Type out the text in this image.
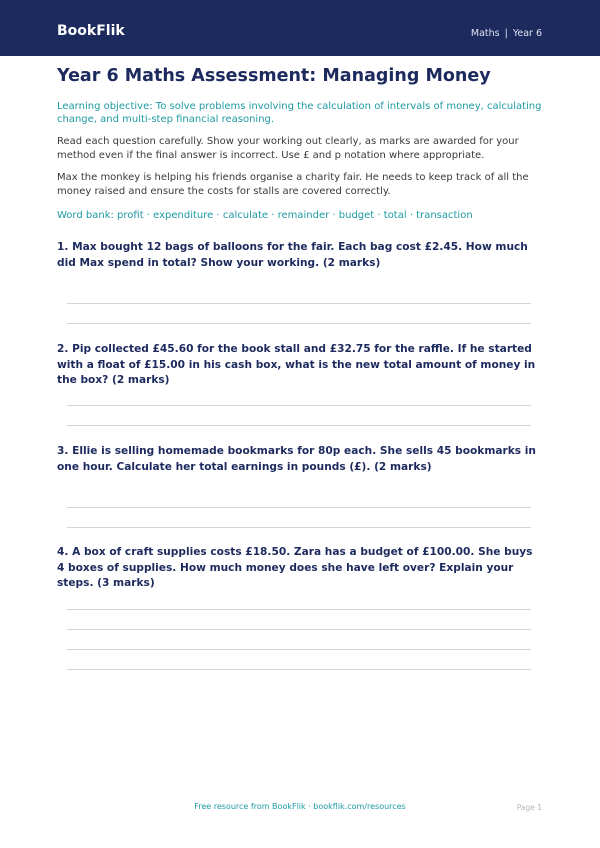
BookFlik	Maths | Year 6
Year 6 Maths Assessment: Managing Money

Learning objective: To solve problems involving the calculation of intervals of money, calculating change, and multi-step financial reasoning.

Read each question carefully. Show your working out clearly, as marks are awarded for your method even if the final answer is incorrect. Use £ and p notation where appropriate.

Max the monkey is helping his friends organise a charity fair. He needs to keep track of all the money raised and ensure the costs for stalls are covered correctly.

Word bank: profit · expenditure · calculate · remainder · budget · total · transaction

1. Max bought 12 bags of balloons for the fair. Each bag cost £2.45. How much did Max spend in total? Show your working. (2 marks)
2. Pip collected £45.60 for the book stall and £32.75 for the raffle. If he started with a float of £15.00 in his cash box, what is the new total amount of money in the box? (2 marks)
3. Ellie is selling homemade bookmarks for 80p each. She sells 45 bookmarks in one hour. Calculate her total earnings in pounds (£). (2 marks)
4. A box of craft supplies costs £18.50. Zara has a budget of £100.00. She buys 4 boxes of supplies. How much money does she have left over? Explain your steps. (3 marks)
Free resource from BookFlik · bookflik.com/resources	Page 1
